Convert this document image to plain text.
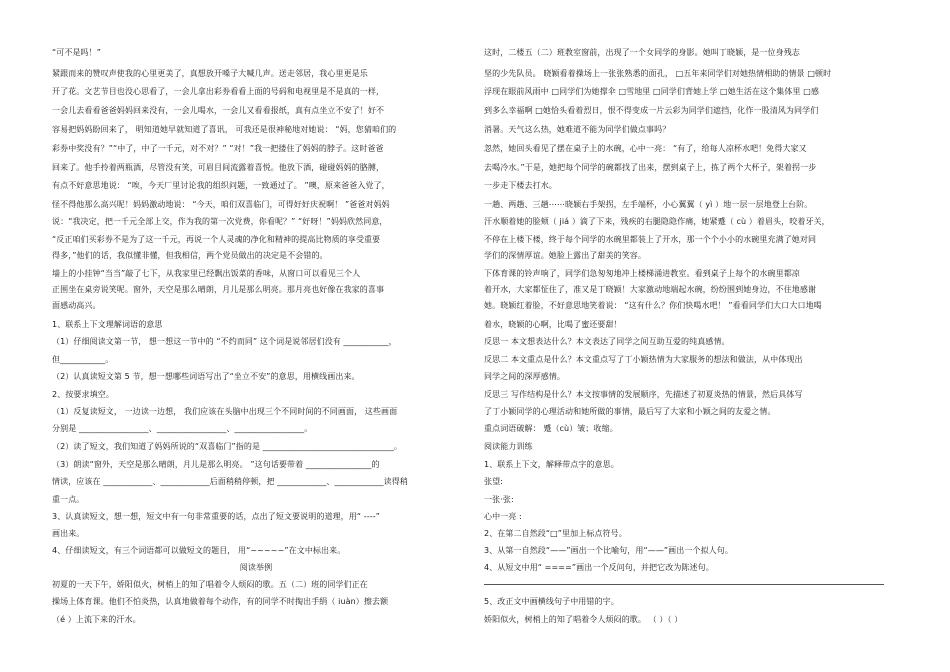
“可不是吗！”
紧跟而来的赞叹声使我的心里更美了，真想放开嗓子大喊几声。送走邻居，我心里更是乐
开了花。文艺节目也没心思看了，一会儿拿出彩券看看上面的号码和电视里是不是真的一样，
一会儿去看看爸爸妈妈回来没有，一会儿喝水，一会儿又看看报纸，真有点坐立不安了！好不
容易把妈妈盼回来了， 明知道她早就知道了喜讯， 可我还是很神秘地对她说： “妈，您猜咱们的
彩券中奖没有？”“中了，中了一千元，对不对？” “对！”我一把搂住了妈妈的脖子。这时爸爸
回来了。他手拎着两瓶酒，尽管没有笑，可眉目间流露着喜悦。他放下酒，碰碰妈妈的胳膊，
有点不好意思地说： “唉，今天厂里讨论我的组织问题，一致通过了。 ”噢，原来爸爸入党了，
怪不得他那么高兴呢！妈妈激动地说： “今天，咱们双喜临门，可得好好庆祝啊！ ”爸爸对妈妈
说：“我决定，把一千元全部上交，作为我的第一次党费，你看呢？” “好呀！”妈妈欣然同意，
“反正咱们买彩券不是为了这一千元，再说一个人灵魂的净化和精神的提高比物质的享受重要
得多，”他们的话，我似懂非懂，但我相信，两个党员做出的决定是不会错的。
墙上的小挂钟“当当”敲了七下，从我家里已经飘出饭菜的香味，从窗口可以看见三个人
正围坐在桌旁说笑呢。窗外，天空是那么晴朗，月儿是那么明亮。那月亮也好像在我家的喜事
面感动高兴。
1、联系上下文理解词语的意思
（1）仔细阅读文第一节， 想一想这一节中的 “不约而同” 这个词是说邻居们没有 ___________，
但___________。
（2）认真读短文第 5 节，想一想哪些词语写出了“坐立不安”的意思，用横线画出来。
2、按要求填空。
（1）反复读短文， 一边读一边想， 我们应该在头脑中出现三个不同时间的不同画面， 这些画面
分别是 _________________、_________________、_________________。
（2）读了短文，我们知道了妈妈所说的“双喜临门”指的是 ________________________________。
（3）朗读“窗外，天空是那么晴朗，月儿是那么明亮。 ”这句话要带着 ________________的
情读，应该在 ____________、____________后面稍稍停顿，把 ____________、____________读得稍
重一点。
3、认真读短文，想一想，短文中有一句非常重要的话，点出了短文要说明的道理，用“ ----”
画出来。
4、仔细读短文，有三个词语都可以做短文的题目， 用“~~~~~”在文中标出来。
阅读举例
初夏的一天下午，娇阳似火，树梢上的知了唱着令人烦闷的歌。五（二）班的同学们正在
操场上体育课。他们不怕炎热，认真地做着每个动作，有的同学不时掏出手绢（ iuàn）擦去额
（é ）上流下来的汗水。
这时，二楼五（二）班教室窗前，出现了一个女同学的身影。她叫丁晓颖，是一位身残志
坚的少先队员。 晓颖看着操场上一张张熟悉的面孔， □五年来同学们对她热情相助的情景 □顿时
浮现在眼前风雨中 □同学们为她撑伞 □雪地里 □同学们背她上学 □她生活在这个集体里 □感
到多么幸福啊 □她恰头看着烈日，恨不得变成一片云彩为同学们遮挡，化作一股清风为同学们
消暑。天气这么热，她难道不能为同学们做点事吗？
忽然，她回头看见了摆在桌子上的水碗，心中一亮： “有了，给每人凉杯水吧！免得大家又
去喝冷水。”于是，她把每个同学的碗都找了出来，摆到桌子上，拣了两个大杯子，架着拐一步
一步走下楼去打水。
一趟、两趟、三趟⋯⋯晓颖右手架拐，左手端杯，小心翼翼（ yì ）地一层一层地登上台阶。
汗水顺着她的脸颊（ jiá ）滴了下来，残疾的右腿隐隐作痛，她紧蹙（ cù ）着眉头，咬着牙关，
不停在上楼下楼，终于每个同学的水碗里都装上了开水，那一个个小小的水碗里充满了她对同
学们的深情厚谊。她脸上露出了甜美的笑容。
下体育课的铃声响了，同学们急匆匆地冲上楼梯涌进教室。看到桌子上每个的水碗里都凉
着开水，大家都怔住了，准又是丁晓颖！大家激动地端起水碗，纷纷围到她身边，不住地感谢
她。晓颖红着脸，不好意思地笑着说： “这有什么？你们快喝水吧！ ”看看同学们大口大口地喝
着水，晓颖的心啊，比喝了蜜还要甜！
反思一 本文想表达什么？本文表达了同学之间互助互爱的纯真感情。
反思二 本文重点是什么？本文重点写了丁小颖热情为大家服务的想法和做法，从中体现出
同学之间的深厚感情。
反思三 写作结构是什么？本文按事情的发展顺序，先描述了初夏炎热的情景，然后具体写
了丁小颖同学的心理活动和她所做的事情，最后写了大家和小颖之间的友爱之情。
重点词语破解： 蹙（cù）皱；收缩。
阅读能力训练
1、联系上下文，解释带点字的意思。
张望:
一张·张:
心中一亮 :
2、在第二自然段“□”里加上标点符号。
3、从第一自然段“——”画出一个比喻句，用“——”画出一个拟人句。
4、从短文中用“ ====”画出一个反问句，并把它改为陈述句。
5、改正文中画横线句子中用错的字。
娇阳似火，树梢上的知了唱着令人烦闷的歌。 （ ）（ ）
